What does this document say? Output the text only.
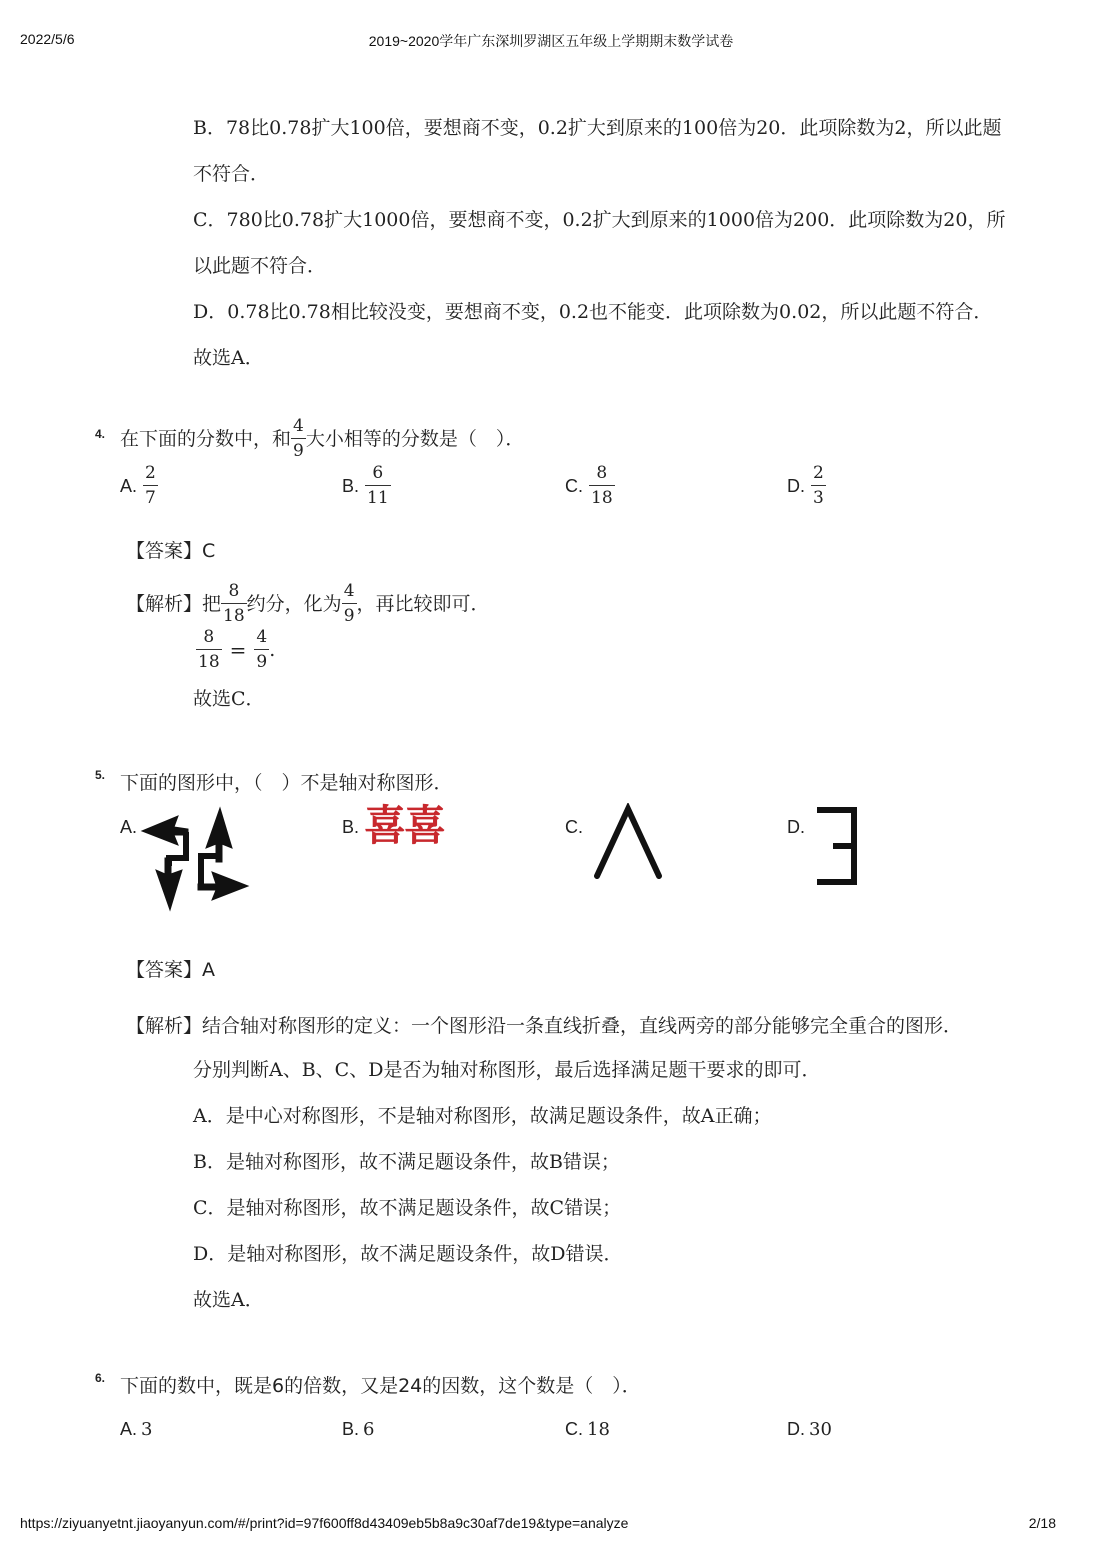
2022/5/6	2019~2020学年广东深圳罗湖区五年级上学期期末数学试卷
B．78比0.78扩大100倍，要想商不变，0.2扩大到原来的100倍为20．此项除数为2，所以此题
不符合．
C．780比0.78扩大1000倍，要想商不变，0.2扩大到原来的1000倍为200．此项除数为20，所
以此题不符合．
D．0.78比0.78相比较没变，要想商不变，0.2也不能变．此项除数为0.02，所以此题不符合．
故选A．
4. 在下面的分数中，和 $\frac{4}{9}$ 大小相等的分数是（　）．
A. $\frac{2}{7}$	B. $\frac{6}{11}$	C. $\frac{8}{18}$	D. $\frac{2}{3}$
【答案】C
【解析】 把 $\frac{8}{18}$ 约分，化为 $\frac{4}{9}$ ，再比较即可．
$\frac{8}{18} = \frac{4}{9}$ .
故选C．
5. 下面的图形中，（　）不是轴对称图形．
A.	B. 喜喜	C.	D.
【答案】A
【解析】结合轴对称图形的定义：一个图形沿一条直线折叠，直线两旁的部分能够完全重合的图形．
分别判断A、B、C、D是否为轴对称图形，最后选择满足题干要求的即可．
A．是中心对称图形，不是轴对称图形，故满足题设条件，故A正确；
B．是轴对称图形，故不满足题设条件，故B错误；
C．是轴对称图形，故不满足题设条件，故C错误；
D．是轴对称图形，故不满足题设条件，故D错误．
故选A．
6. 下面的数中，既是6的倍数，又是24的因数，这个数是（　）．
A. 3	B. 6	C. 18	D. 30
https://ziyuanyetnt.jiaoyanyun.com/#/print?id=97f600ff8d43409eb5b8a9c30af7de19&type=analyze	2/18
